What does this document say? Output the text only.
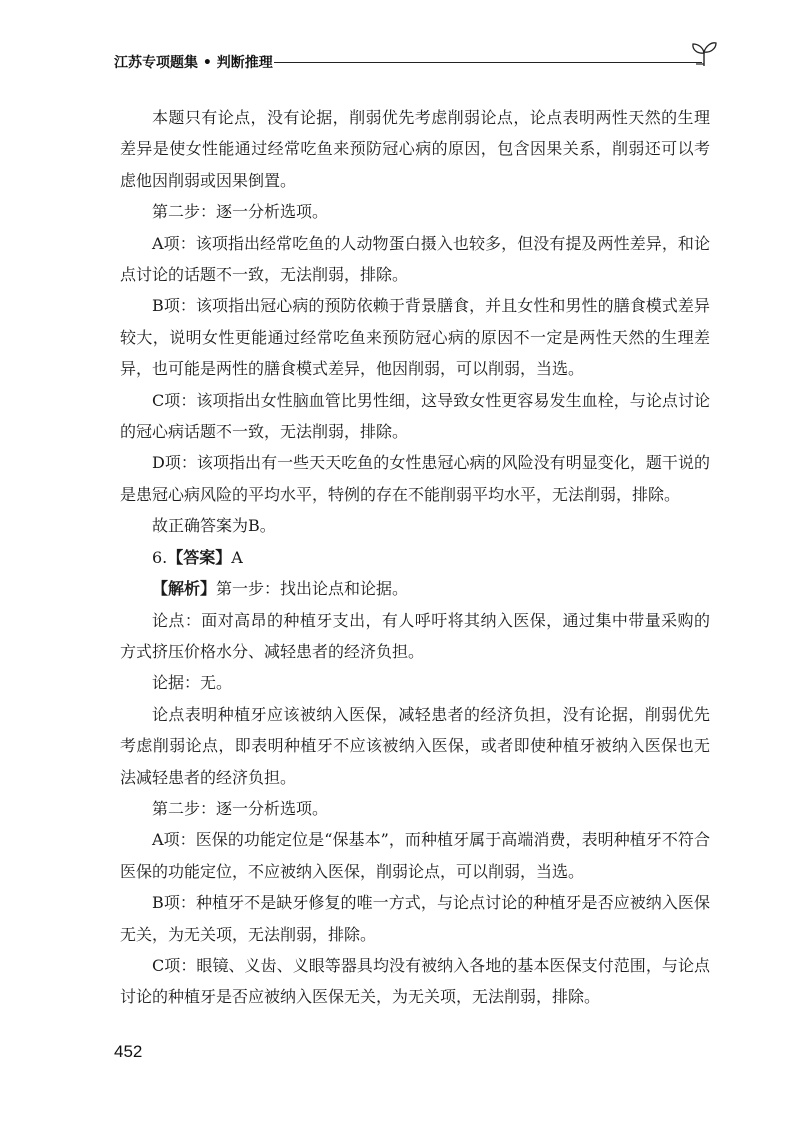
江苏专项题集 • 判断推理

本题只有论点，没有论据，削弱优先考虑削弱论点，论点表明两性天然的生理差异是使女性能通过经常吃鱼来预防冠心病的原因，包含因果关系，削弱还可以考虑他因削弱或因果倒置。

第二步：逐一分析选项。

A项：该项指出经常吃鱼的人动物蛋白摄入也较多，但没有提及两性差异，和论点讨论的话题不一致，无法削弱，排除。

B项：该项指出冠心病的预防依赖于背景膳食，并且女性和男性的膳食模式差异较大，说明女性更能通过经常吃鱼来预防冠心病的原因不一定是两性天然的生理差异，也可能是两性的膳食模式差异，他因削弱，可以削弱，当选。

C项：该项指出女性脑血管比男性细，这导致女性更容易发生血栓，与论点讨论的冠心病话题不一致，无法削弱，排除。

D项：该项指出有一些天天吃鱼的女性患冠心病的风险没有明显变化，题干说的是患冠心病风险的平均水平，特例的存在不能削弱平均水平，无法削弱，排除。

故正确答案为B。

6.【答案】A

【解析】第一步：找出论点和论据。

论点：面对高昂的种植牙支出，有人呼吁将其纳入医保，通过集中带量采购的方式挤压价格水分、减轻患者的经济负担。

论据：无。

论点表明种植牙应该被纳入医保，减轻患者的经济负担，没有论据，削弱优先考虑削弱论点，即表明种植牙不应该被纳入医保，或者即使种植牙被纳入医保也无法减轻患者的经济负担。

第二步：逐一分析选项。

A项：医保的功能定位是“保基本”，而种植牙属于高端消费，表明种植牙不符合医保的功能定位，不应被纳入医保，削弱论点，可以削弱，当选。

B项：种植牙不是缺牙修复的唯一方式，与论点讨论的种植牙是否应被纳入医保无关，为无关项，无法削弱，排除。

C项：眼镜、义齿、义眼等器具均没有被纳入各地的基本医保支付范围，与论点讨论的种植牙是否应被纳入医保无关，为无关项，无法削弱，排除。

452
